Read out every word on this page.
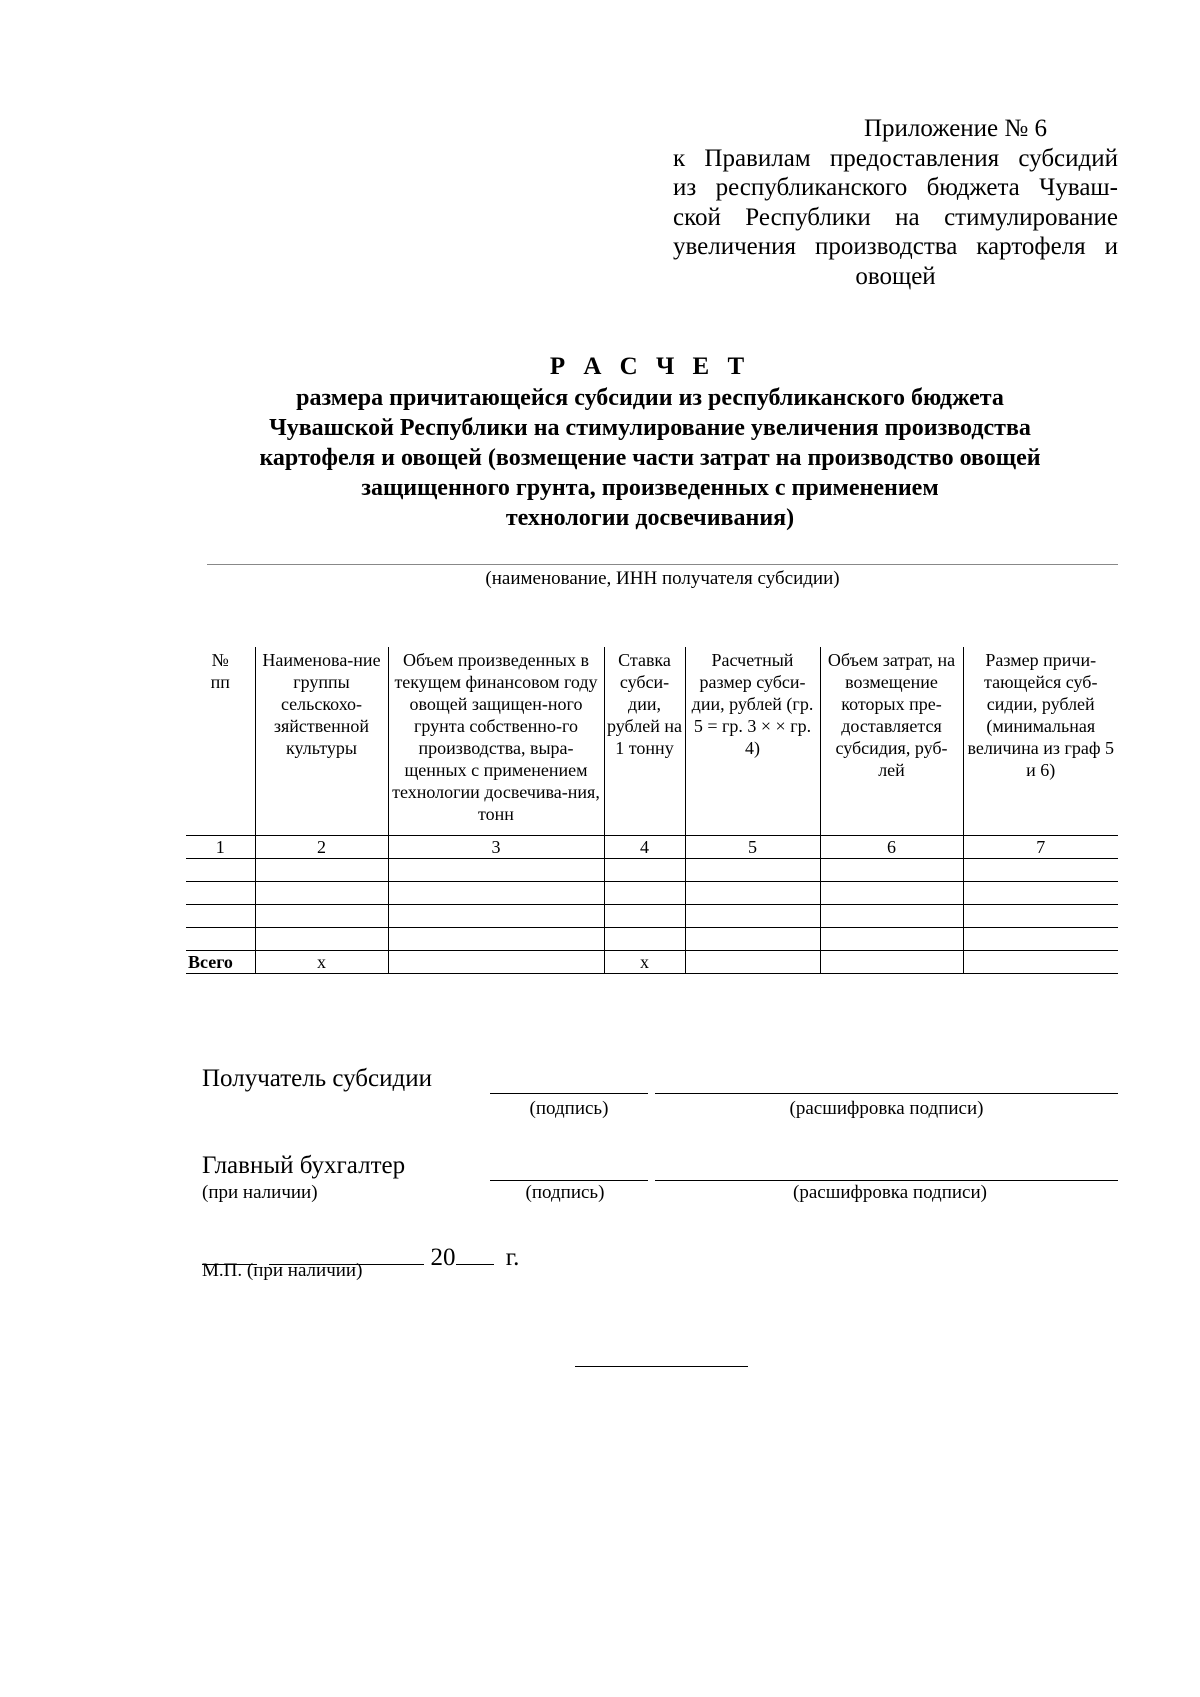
Приложение № 6
к Правилам предоставления субсидий
из республиканского бюджета Чуваш-
ской Республики на стимулирование
увеличения производства картофеля и
овощей
Р А С Ч Е Т
размера причитающейся субсидии из республиканского бюджета
Чувашской Республики на стимулирование увеличения производства
картофеля и овощей (возмещение части затрат на производство овощей
защищенного грунта, произведенных с применением
технологии досвечивания)
(наименование, ИНН получателя субсидии)
№ пп	Наименова-ние группы сельскохо-зяйственной культуры	Объем произведенных в текущем финансовом году овощей защищен-ного грунта собственно-го производства, выра-щенных с применением технологии досвечива-ния, тонн	Ставка субси-дии, рублей на 1 тонну	Расчетный размер субси-дии, рублей (гр. 5 = гр. 3 × × гр. 4)	Объем затрат, на возмещение которых пре-доставляется субсидия, руб-лей	Размер причи-тающейся суб-сидии, рублей (минимальная величина из граф 5 и 6)
1	2	3	4	5	6	7

Всего	х		х			
Получатель субсидии
(подпись)	(расшифровка подписи)
Главный бухгалтер
(при наличии)	(подпись)	(расшифровка подписи)
20 г.
М.П. (при наличии)
